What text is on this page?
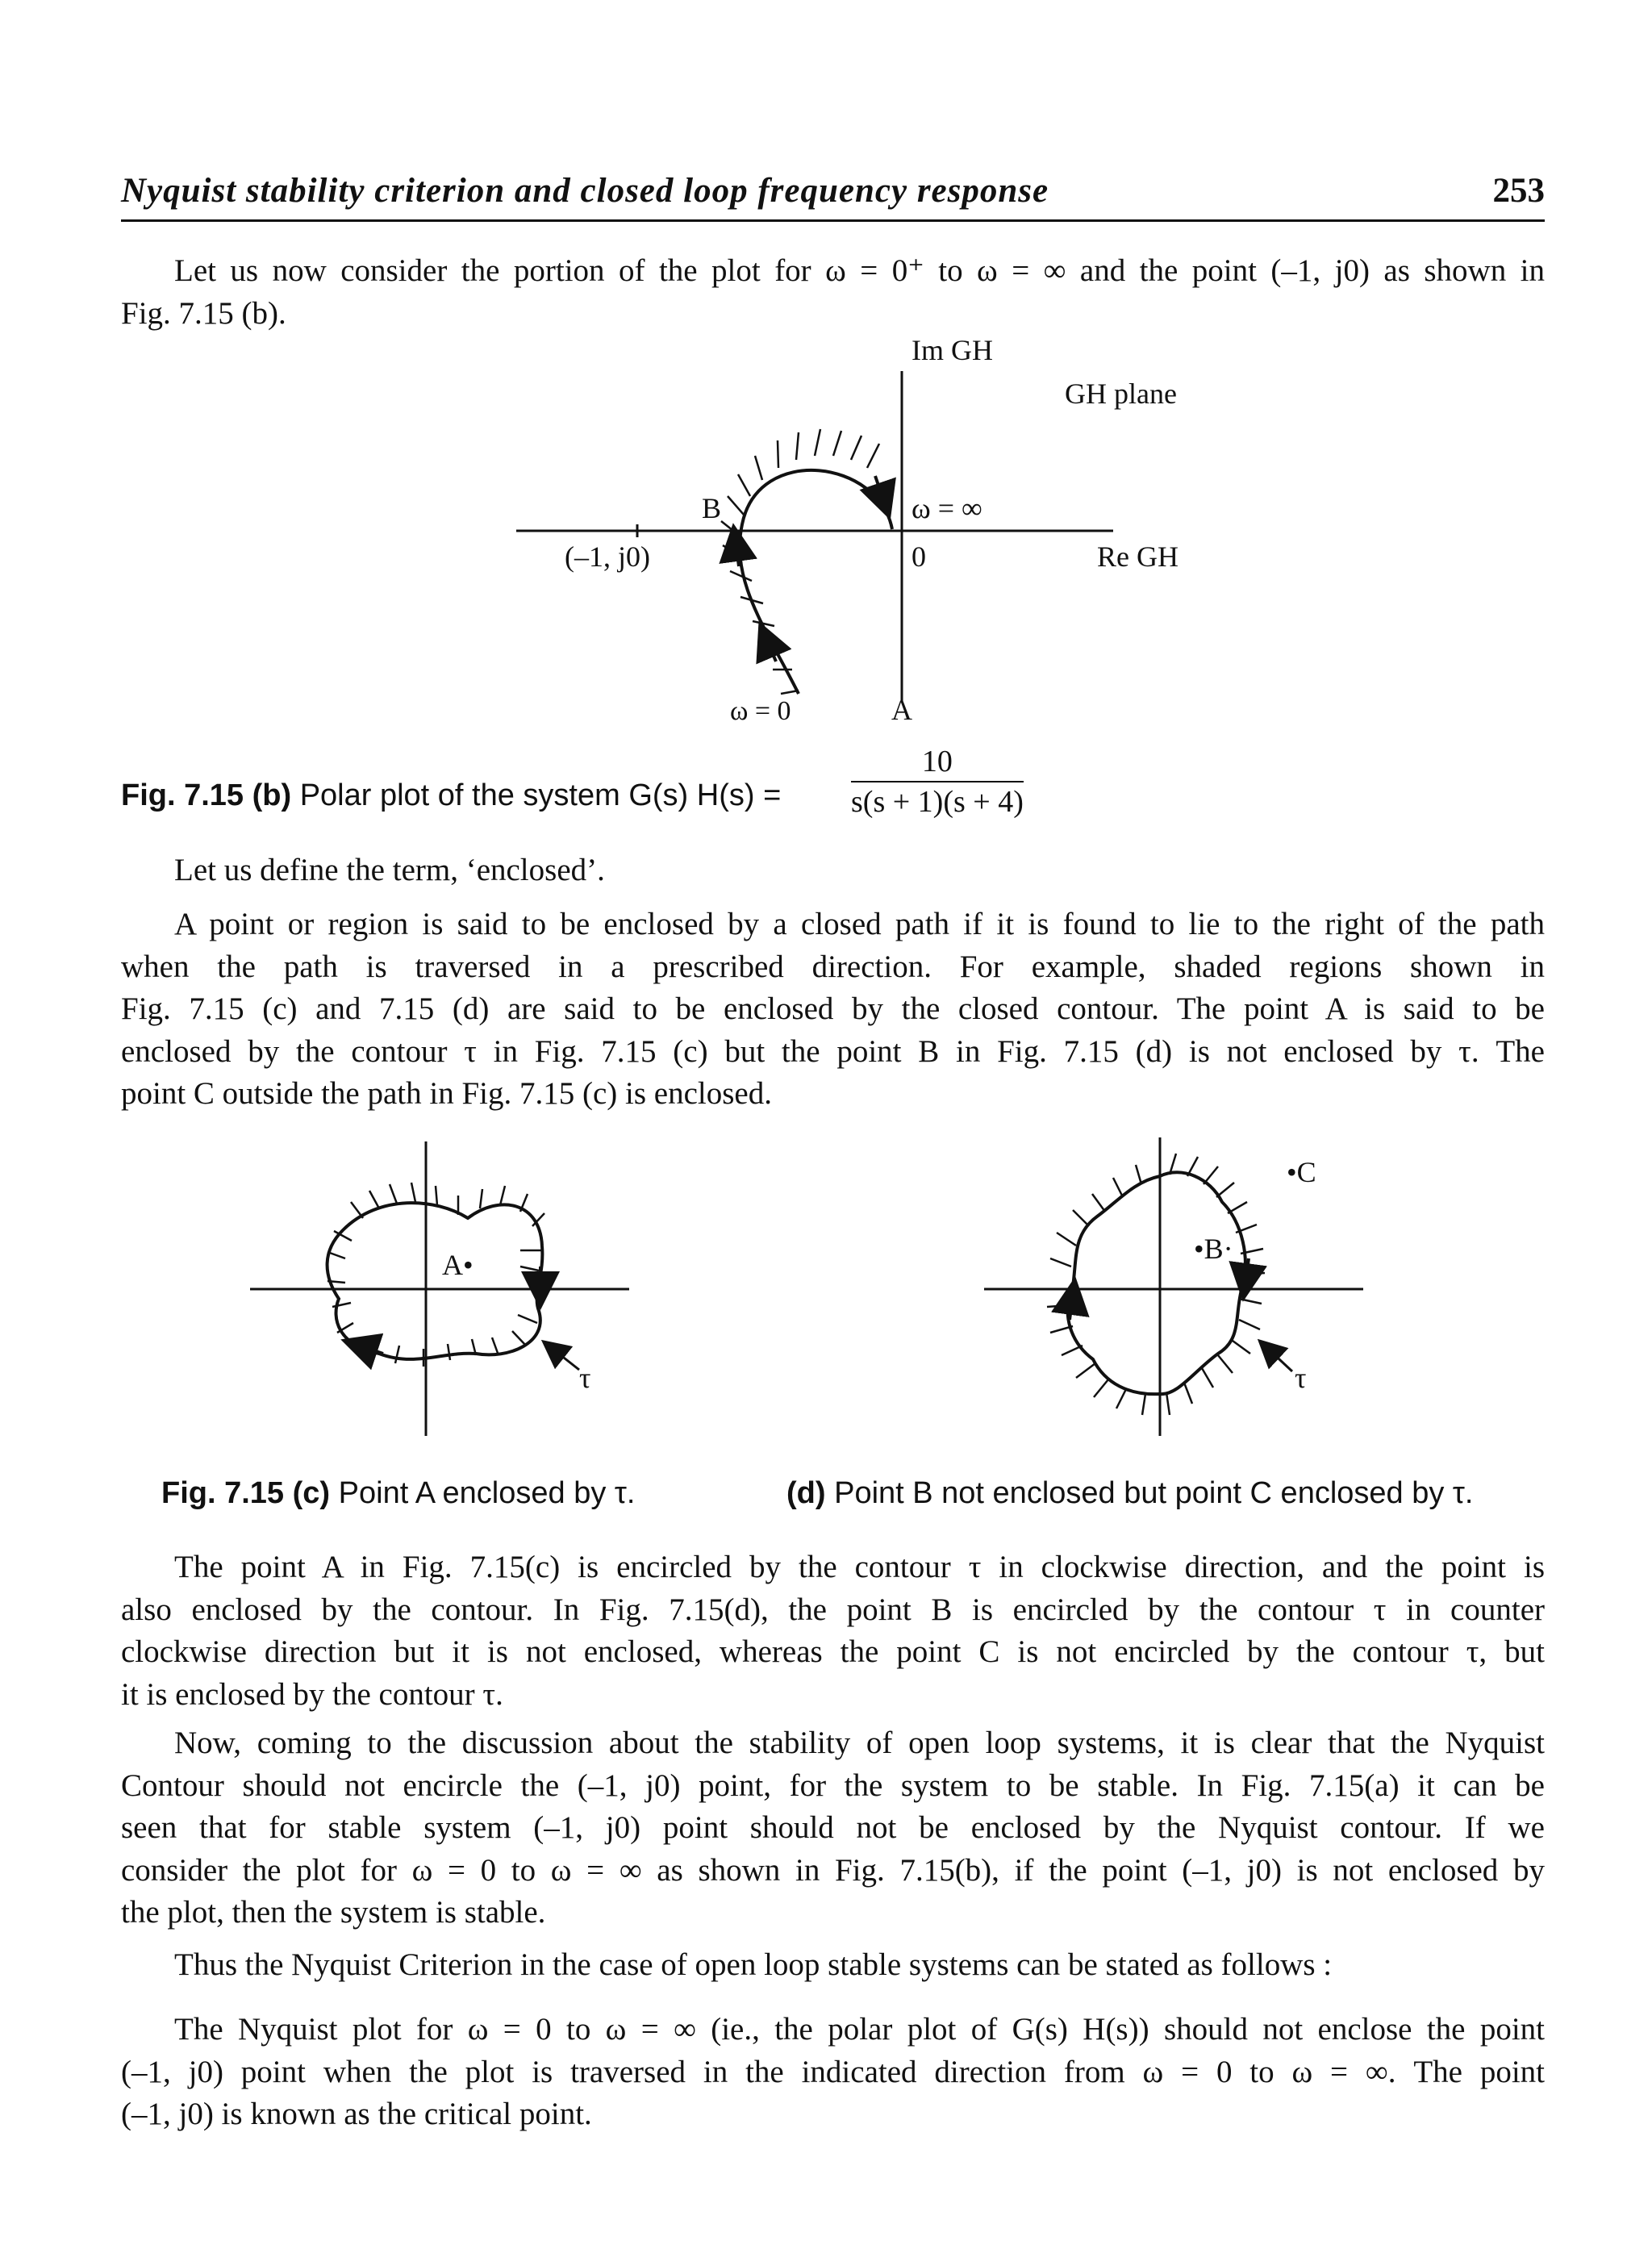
Nyquist stability criterion and closed loop frequency response	253

Let us now consider the portion of the plot for ω = 0⁺ to ω = ∞ and the point (–1, j0) as shown in
Fig. 7.15 (b).

Im GH
GH plane
Re GH
(–1, j0)
B	ω = ∞
0
ω = 0	A
Fig. 7.15 (b) Polar plot of the system G(s) $H(s) = \frac{10}{s(s + 1)(s + 4)}$

Let us define the term, ‘enclosed’.

A point or region is said to be enclosed by a closed path if it is found to lie to the right of the path
when the path is traversed in a prescribed direction. For example, shaded regions shown in
Fig. 7.15 (c) and 7.15 (d) are said to be enclosed by the closed contour. The point A is said to be
enclosed by the contour τ in Fig. 7.15 (c) but the point B in Fig. 7.15 (d) is not enclosed by τ. The
point C outside the path in Fig. 7.15 (c) is enclosed.

A•
τ
•B·
•C
τ
Fig. 7.15 (c) Point A enclosed by τ.	(d) Point B not enclosed but point C enclosed by τ.

The point A in Fig. 7.15(c) is encircled by the contour τ in clockwise direction, and the point is
also enclosed by the contour. In Fig. 7.15(d), the point B is encircled by the contour τ in counter
clockwise direction but it is not enclosed, whereas the point C is not encircled by the contour τ, but
it is enclosed by the contour τ.

Now, coming to the discussion about the stability of open loop systems, it is clear that the Nyquist
Contour should not encircle the (–1, j0) point, for the system to be stable. In Fig. 7.15(a) it can be
seen that for stable system (–1, j0) point should not be enclosed by the Nyquist contour. If we
consider the plot for ω = 0 to ω = ∞ as shown in Fig. 7.15(b), if the point (–1, j0) is not enclosed by
the plot, then the system is stable.

Thus the Nyquist Criterion in the case of open loop stable systems can be stated as follows :

The Nyquist plot for ω = 0 to ω = ∞ (ie., the polar plot of G(s) H(s)) should not enclose the point
(–1, j0) point when the plot is traversed in the indicated direction from ω = 0 to ω = ∞. The point
(–1, j0) is known as the critical point.
